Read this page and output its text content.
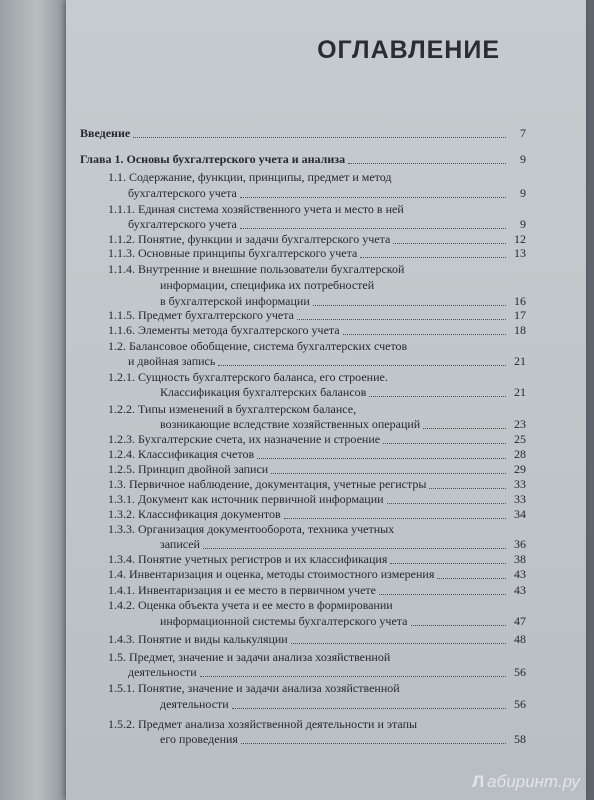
ОГЛАВЛЕНИЕ
Введение	7
Глава 1. Основы бухгалтерского учета и анализа	9
1.1. Содержание, функции, принципы, предмет и метод
бухгалтерского учета	9
1.1.1. Единая система хозяйственного учета и место в ней
бухгалтерского учета	9
1.1.2. Понятие, функции и задачи бухгалтерского учета	12
1.1.3. Основные принципы бухгалтерского учета	13
1.1.4. Внутренние и внешние пользователи бухгалтерской
информации, специфика их потребностей
в бухгалтерской информации	16
1.1.5. Предмет бухгалтерского учета	17
1.1.6. Элементы метода бухгалтерского учета	18
1.2. Балансовое обобщение, система бухгалтерских счетов
и двойная запись	21
1.2.1. Сущность бухгалтерского баланса, его строение.
Классификация бухгалтерских балансов	21
1.2.2. Типы изменений в бухгалтерском балансе,
возникающие вследствие хозяйственных операций	23
1.2.3. Бухгалтерские счета, их назначение и строение	25
1.2.4. Классификация счетов	28
1.2.5. Принцип двойной записи	29
1.3. Первичное наблюдение, документация, учетные регистры	33
1.3.1. Документ как источник первичной информации	33
1.3.2. Классификация документов	34
1.3.3. Организация документооборота, техника учетных
записей	36
1.3.4. Понятие учетных регистров и их классификация	38
1.4. Инвентаризация и оценка, методы стоимостного измерения	43
1.4.1. Инвентаризация и ее место в первичном учете	43
1.4.2. Оценка объекта учета и ее место в формировании
информационной системы бухгалтерского учета	47
1.4.3. Понятие и виды калькуляции	48
1.5. Предмет, значение и задачи анализа хозяйственной
деятельности	56
1.5.1. Понятие, значение и задачи анализа хозяйственной
деятельности	56
1.5.2. Предмет анализа хозяйственной деятельности и этапы
его проведения	58
Л абиринт.ру
